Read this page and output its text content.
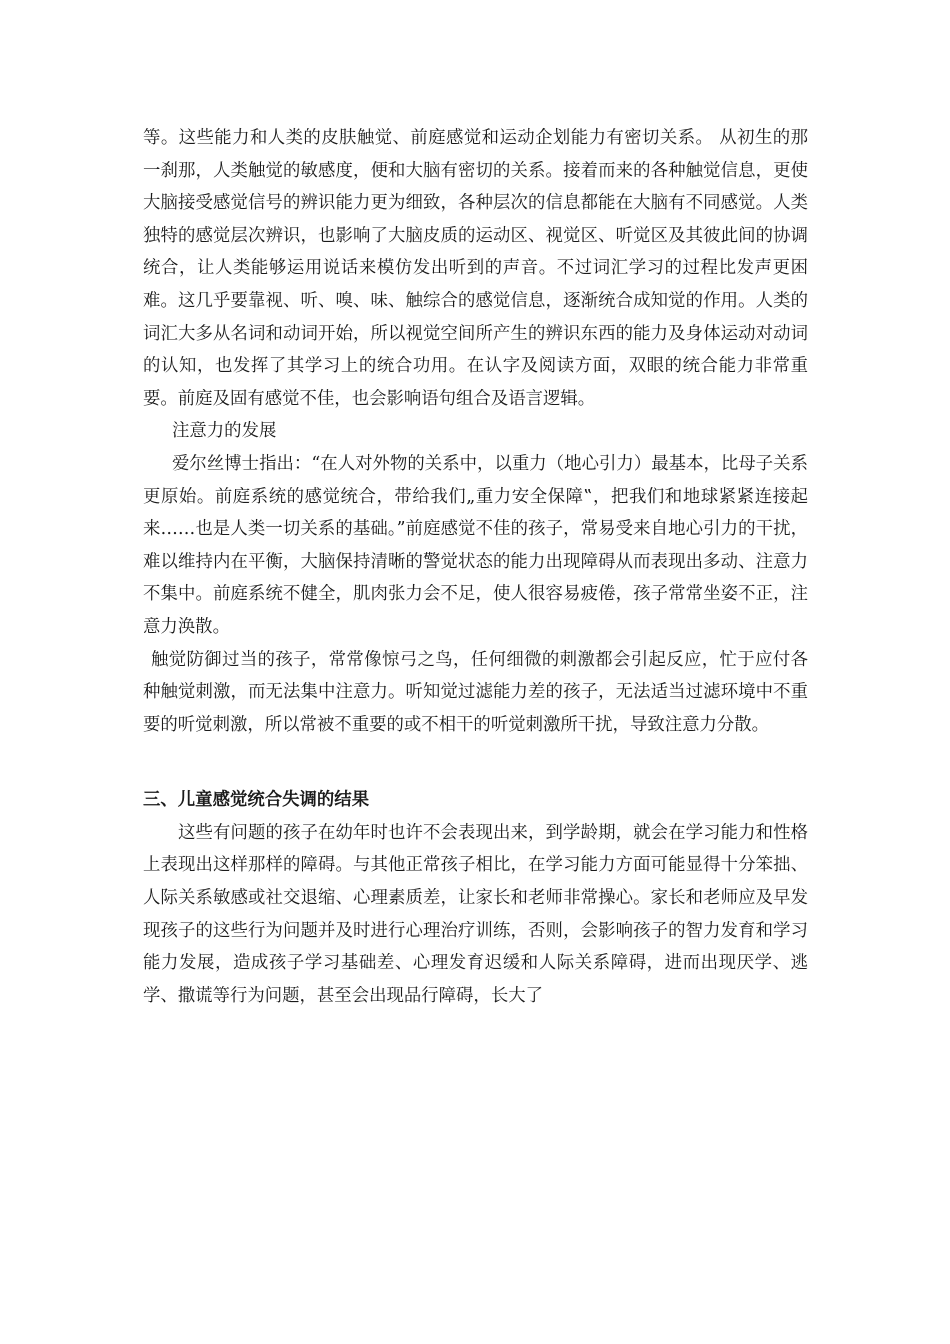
等。这些能力和人类的皮肤触觉、前庭感觉和运动企划能力有密切关系。 从初生的那一刹那，人类触觉的敏感度，便和大脑有密切的关系。接着而来的各种触觉信息，更使大脑接受感觉信号的辨识能力更为细致，各种层次的信息都能在大脑有不同感觉。人类独特的感觉层次辨识，也影响了大脑皮质的运动区、视觉区、听觉区及其彼此间的协调统合，让人类能够运用说话来模仿发出听到的声音。不过词汇学习的过程比发声更困难。这几乎要靠视、听、嗅、味、触综合的感觉信息，逐渐统合成知觉的作用。人类的词汇大多从名词和动词开始，所以视觉空间所产生的辨识东西的能力及身体运动对动词的认知，也发挥了其学习上的统合功用。在认字及阅读方面，双眼的统合能力非常重要。前庭及固有感觉不佳，也会影响语句组合及语言逻辑。

注意力的发展

爱尔丝博士指出：“在人对外物的关系中，以重力（地心引力）最基本，比母子关系更原始。前庭系统的感觉统合，带给我们„重力安全保障‟，把我们和地球紧紧连接起来……也是人类一切关系的基础。”前庭感觉不佳的孩子，常易受来自地心引力的干扰，难以维持内在平衡，大脑保持清晰的警觉状态的能力出现障碍从而表现出多动、注意力不集中。前庭系统不健全，肌肉张力会不足，使人很容易疲倦，孩子常常坐姿不正，注意力涣散。

触觉防御过当的孩子，常常像惊弓之鸟，任何细微的刺激都会引起反应，忙于应付各种触觉刺激，而无法集中注意力。听知觉过滤能力差的孩子，无法适当过滤环境中不重要的听觉刺激，所以常被不重要的或不相干的听觉刺激所干扰，导致注意力分散。

三、儿童感觉统合失调的结果

这些有问题的孩子在幼年时也许不会表现出来，到学龄期，就会在学习能力和性格上表现出这样那样的障碍。与其他正常孩子相比，在学习能力方面可能显得十分笨拙、人际关系敏感或社交退缩、心理素质差，让家长和老师非常操心。家长和老师应及早发现孩子的这些行为问题并及时进行心理治疗训练，否则，会影响孩子的智力发育和学习能力发展，造成孩子学习基础差、心理发育迟缓和人际关系障碍，进而出现厌学、逃学、撒谎等行为问题，甚至会出现品行障碍，长大了
